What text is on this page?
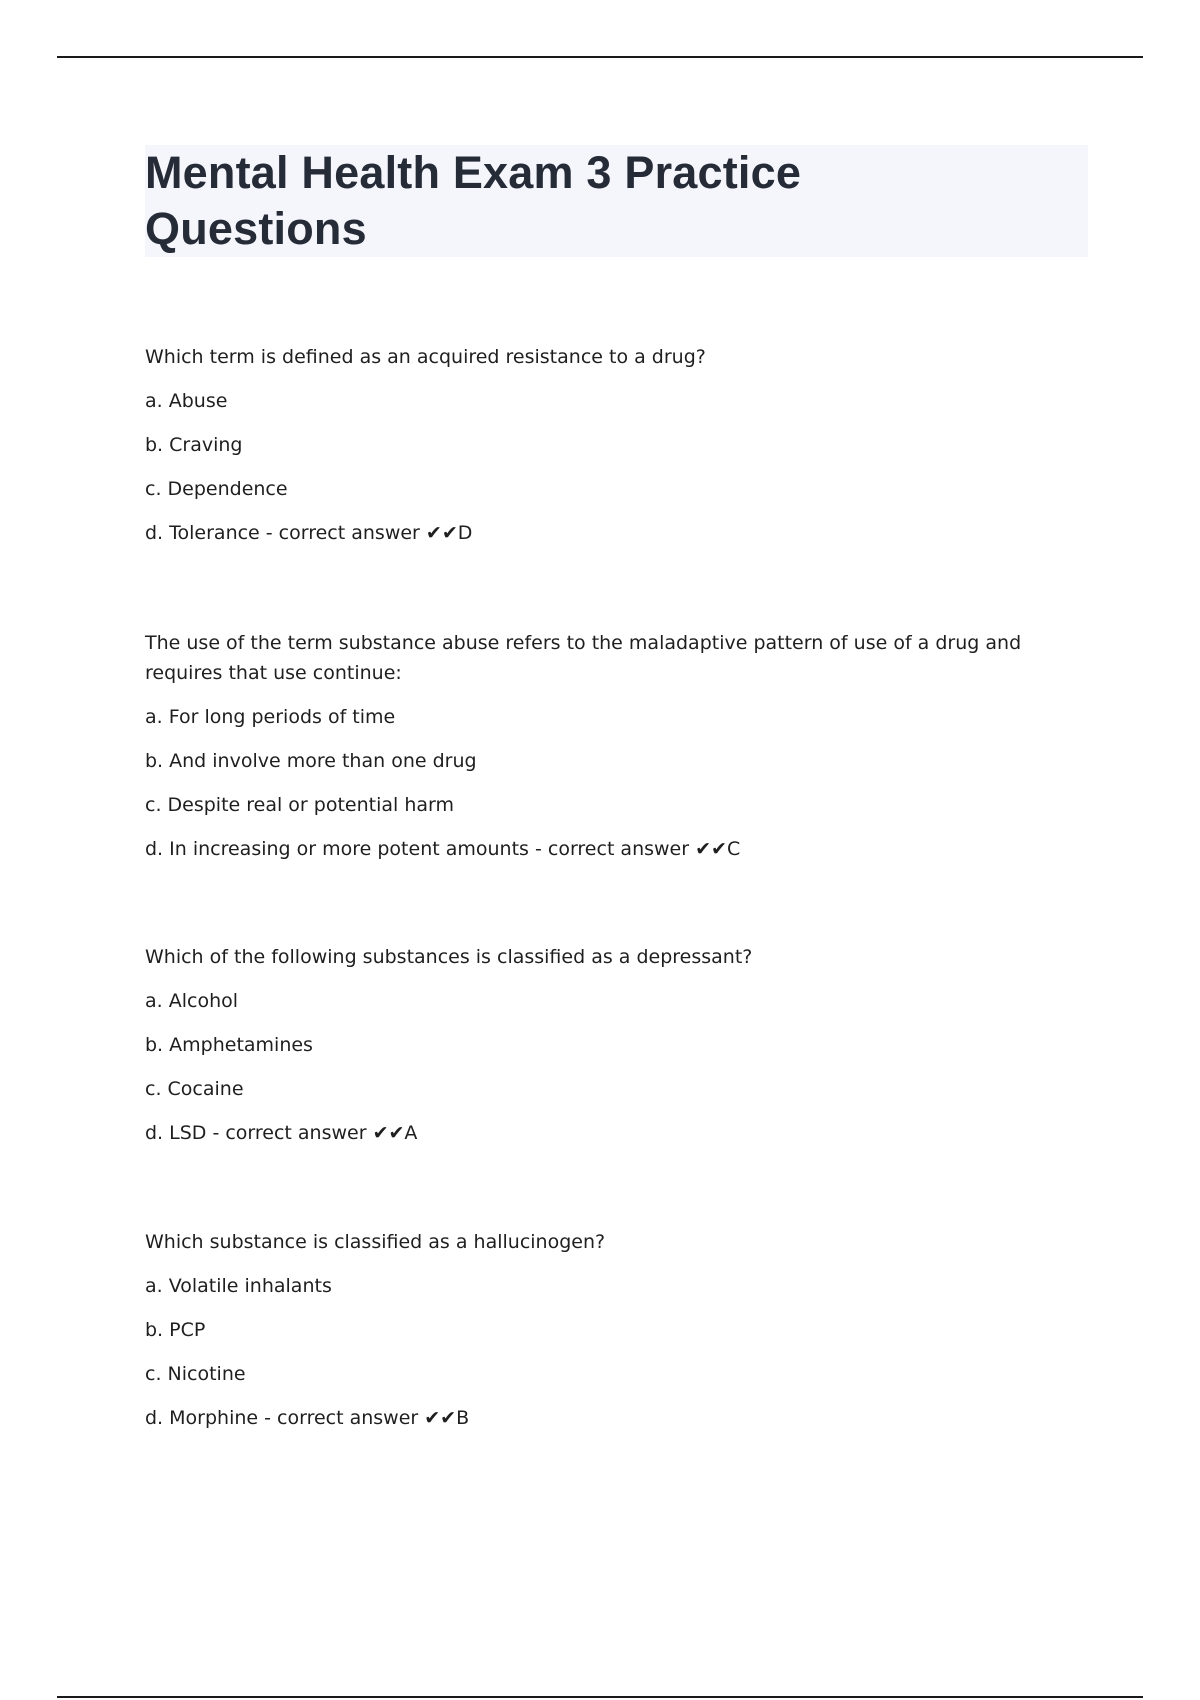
Mental Health Exam 3 Practice
Questions

Which term is defined as an acquired resistance to a drug?

a. Abuse

b. Craving

c. Dependence

d. Tolerance - correct answer ✔✔D

The use of the term substance abuse refers to the maladaptive pattern of use of a drug and requires that use continue:

a. For long periods of time

b. And involve more than one drug

c. Despite real or potential harm

d. In increasing or more potent amounts - correct answer ✔✔C

Which of the following substances is classified as a depressant?

a. Alcohol

b. Amphetamines

c. Cocaine

d. LSD - correct answer ✔✔A

Which substance is classified as a hallucinogen?

a. Volatile inhalants

b. PCP

c. Nicotine

d. Morphine - correct answer ✔✔B
